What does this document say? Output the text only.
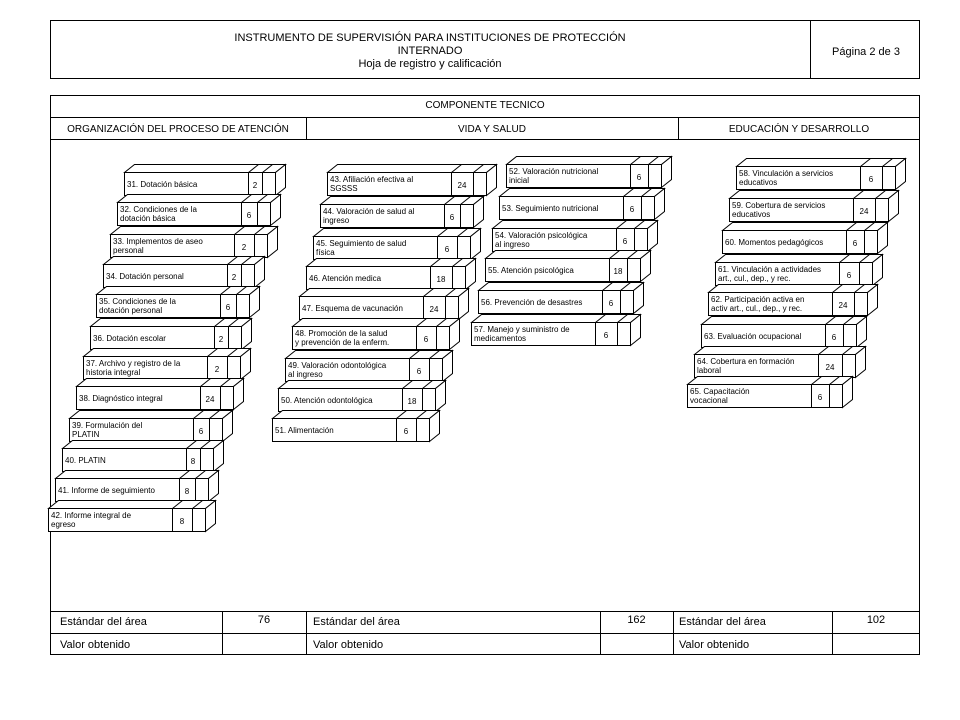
INSTRUMENTO DE SUPERVISIÓN PARA INSTITUCIONES DE PROTECCIÓN
INTERNADO
Hoja de registro y calificación
Página 2 de 3
COMPONENTE TECNICO
ORGANIZACIÓN DEL PROCESO DE ATENCIÓN	VIDA Y SALUD	EDUCACIÓN Y DESARROLLO
31. Dotación básica	2
32. Condiciones de la
dotación básica	6
33. Implementos de aseo
personal	2
34. Dotación personal	2
35. Condiciones de la
dotación personal	6
36. Dotación escolar	2
37. Archivo y registro de la
historia integral	2
38. Diagnóstico integral	24
39. Formulación del
PLATIN	6
40. PLATIN	8
41. Informe de seguimiento	8
42. Informe integral de
egreso	8
43. Afiliación efectiva al
SGSSS	24
44. Valoración de salud al
ingreso	6
45. Seguimiento de salud
física	6
46. Atención medica	18
47. Esquema de vacunación	24
48. Promoción de la salud
y prevención de la enferm.	6
49. Valoración odontológica
al ingreso	6
50. Atención odontológica	18
51. Alimentación	6
52. Valoración nutricional
inicial	6
53. Seguimiento nutricional	6
54. Valoración psicológica
al ingreso	6
55. Atención psicológica	18
56. Prevención de desastres	6
57. Manejo y suministro de
medicamentos	6
58. Vinculación a servicios
educativos	6
59. Cobertura de servicios
educativos	24
60. Momentos pedagógicos	6
61. Vinculación a actividades
art., cul., dep., y rec.	6
62. Participación activa en
activ art., cul., dep., y rec.	24
63. Evaluación ocupacional	6
64. Cobertura en formación
laboral	24
65. Capacitación
vocacional	6
Estándar del área	76	Estándar del área	162	Estándar del área	102
Valor obtenido	Valor obtenido	Valor obtenido
